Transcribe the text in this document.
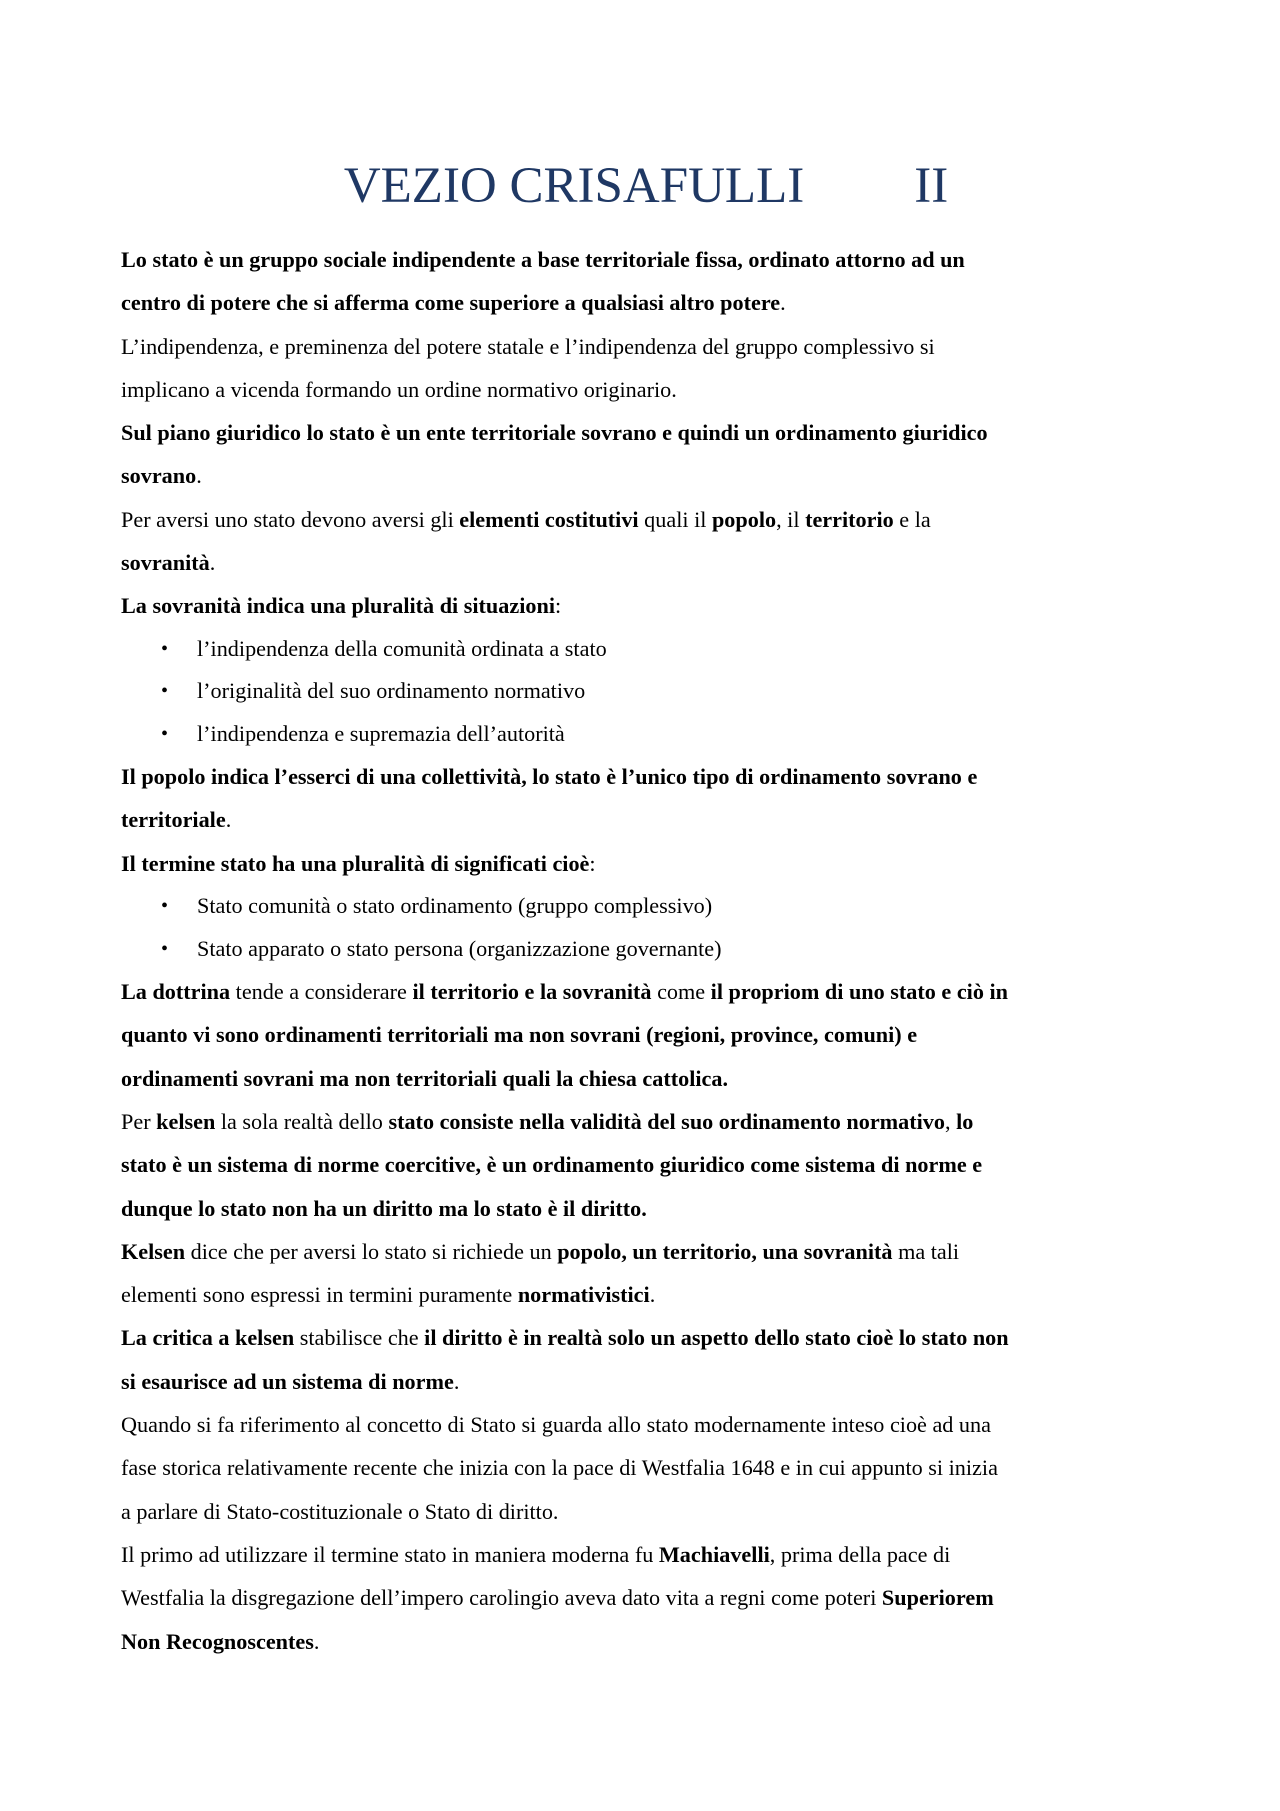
VEZIO CRISAFULLI II

Lo stato è un gruppo sociale indipendente a base territoriale fissa, ordinato attorno ad un
centro di potere che si afferma come superiore a qualsiasi altro potere.

L’indipendenza, e preminenza del potere statale e l’indipendenza del gruppo complessivo si
implicano a vicenda formando un ordine normativo originario.

Sul piano giuridico lo stato è un ente territoriale sovrano e quindi un ordinamento giuridico
sovrano.

Per aversi uno stato devono aversi gli elementi costitutivi quali il popolo, il territorio e la
sovranità.

La sovranità indica una pluralità di situazioni:

• l’indipendenza della comunità ordinata a stato
• l’originalità del suo ordinamento normativo
• l’indipendenza e supremazia dell’autorità

Il popolo indica l’esserci di una collettività, lo stato è l’unico tipo di ordinamento sovrano e
territoriale.

Il termine stato ha una pluralità di significati cioè:

• Stato comunità o stato ordinamento (gruppo complessivo)
• Stato apparato o stato persona (organizzazione governante)

La dottrina tende a considerare il territorio e la sovranità come il propriom di uno stato e ciò in
quanto vi sono ordinamenti territoriali ma non sovrani (regioni, province, comuni) e
ordinamenti sovrani ma non territoriali quali la chiesa cattolica.

Per kelsen la sola realtà dello stato consiste nella validità del suo ordinamento normativo, lo
stato è un sistema di norme coercitive, è un ordinamento giuridico come sistema di norme e
dunque lo stato non ha un diritto ma lo stato è il diritto.

Kelsen dice che per aversi lo stato si richiede un popolo, un territorio, una sovranità ma tali
elementi sono espressi in termini puramente normativistici.

La critica a kelsen stabilisce che il diritto è in realtà solo un aspetto dello stato cioè lo stato non
si esaurisce ad un sistema di norme.

Quando si fa riferimento al concetto di Stato si guarda allo stato modernamente inteso cioè ad una
fase storica relativamente recente che inizia con la pace di Westfalia 1648 e in cui appunto si inizia
a parlare di Stato-costituzionale o Stato di diritto.

Il primo ad utilizzare il termine stato in maniera moderna fu Machiavelli, prima della pace di
Westfalia la disgregazione dell’impero carolingio aveva dato vita a regni come poteri Superiorem
Non Recognoscentes.
